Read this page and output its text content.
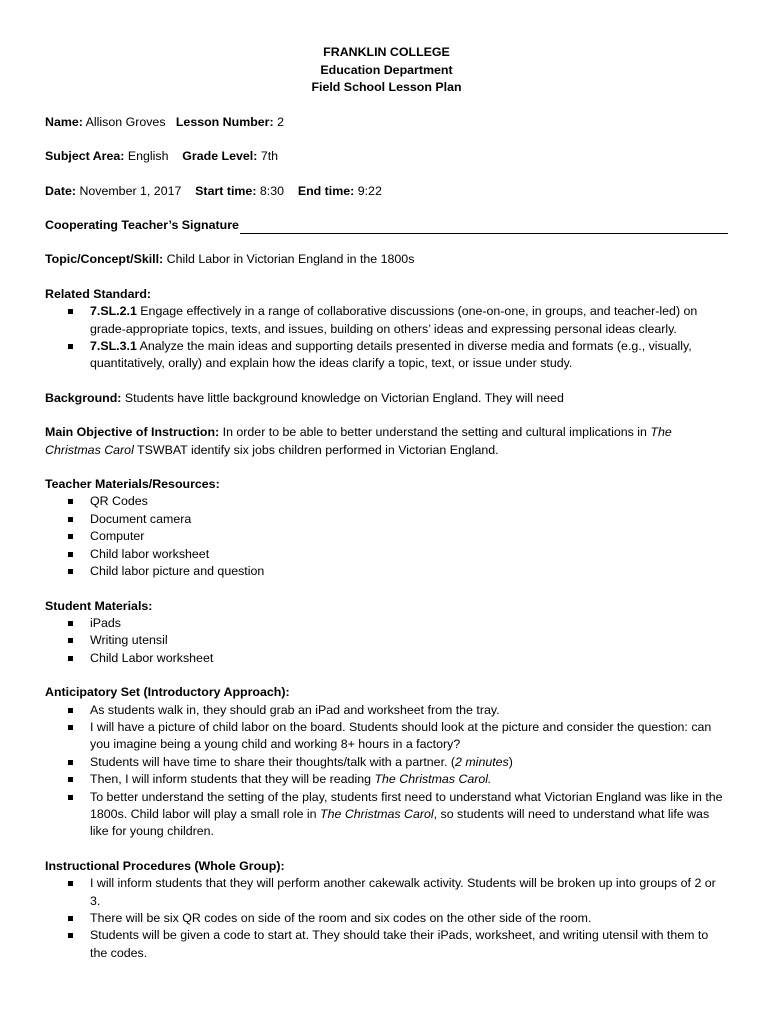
FRANKLIN COLLEGE
Education Department
Field School Lesson Plan
Name: Allison Groves Lesson Number: 2
Subject Area: English Grade Level: 7th
Date: November 1, 2017 Start time: 8:30 End time: 9:22
Cooperating Teacher’s Signature
Topic/Concept/Skill: Child Labor in Victorian England in the 1800s
Related Standard:
7.SL.2.1 Engage effectively in a range of collaborative discussions (one-on-one, in groups, and teacher-led) on grade-appropriate topics, texts, and issues, building on others’ ideas and expressing personal ideas clearly.
7.SL.3.1 Analyze the main ideas and supporting details presented in diverse media and formats (e.g., visually, quantitatively, orally) and explain how the ideas clarify a topic, text, or issue under study.
Background: Students have little background knowledge on Victorian England. They will need
Main Objective of Instruction: In order to be able to better understand the setting and cultural implications in The Christmas Carol TSWBAT identify six jobs children performed in Victorian England.
Teacher Materials/Resources:
QR Codes
Document camera
Computer
Child labor worksheet
Child labor picture and question
Student Materials:
iPads
Writing utensil
Child Labor worksheet
Anticipatory Set (Introductory Approach):
As students walk in, they should grab an iPad and worksheet from the tray.
I will have a picture of child labor on the board. Students should look at the picture and consider the question: can you imagine being a young child and working 8+ hours in a factory?
Students will have time to share their thoughts/talk with a partner. (2 minutes)
Then, I will inform students that they will be reading The Christmas Carol.
To better understand the setting of the play, students first need to understand what Victorian England was like in the 1800s. Child labor will play a small role in The Christmas Carol, so students will need to understand what life was like for young children.
Instructional Procedures (Whole Group):
I will inform students that they will perform another cakewalk activity. Students will be broken up into groups of 2 or 3.
There will be six QR codes on side of the room and six codes on the other side of the room.
Students will be given a code to start at. They should take their iPads, worksheet, and writing utensil with them to the codes.
